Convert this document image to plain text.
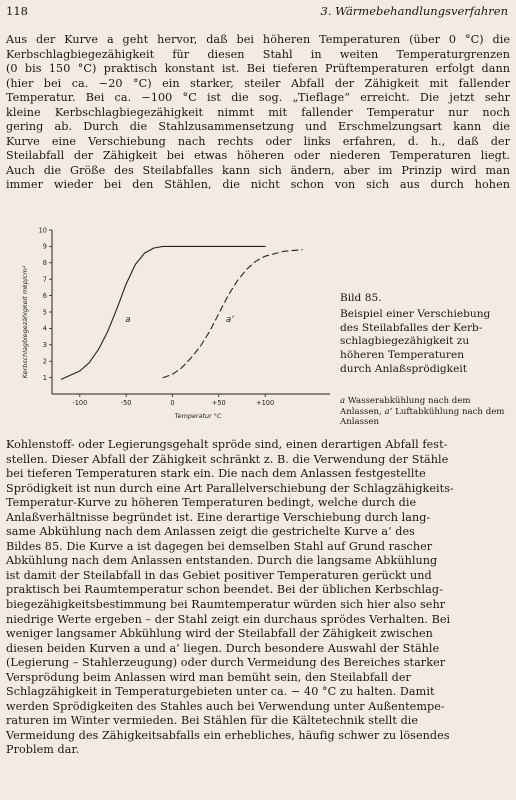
118	3. Wärmebehandlungsverfahren
Aus der Kurve a geht hervor, daß bei höheren Temperaturen (über 0 °C) die
Kerbschlagbiegezähigkeit für diesen Stahl in weiten Temperaturgrenzen
(0 bis 150 °C) praktisch konstant ist. Bei tieferen Prüftemperaturen erfolgt dann
(hier bei ca. −20 °C) ein starker, steiler Abfall der Zähigkeit mit fallender
Temperatur. Bei ca. −100 °C ist die sog. „Tieflage“ erreicht. Die jetzt sehr
kleine Kerbschlagbiegezähigkeit nimmt mit fallender Temperatur nur noch
gering ab. Durch die Stahlzusammensetzung und Erschmelzungsart kann die
Kurve eine Verschiebung nach rechts oder links erfahren, d. h., daß der
Steilabfall der Zähigkeit bei etwas höheren oder niederen Temperaturen liegt.
Auch die Größe des Steilabfalles kann sich ändern, aber im Prinzip wird man
immer wieder bei den Stählen, die nicht schon von sich aus durch hohen
1
2
3
4
5
6
7
8
9
10
-100	-50	0	+50	+100
a	a’
Kerbschlagbiegezähigkeit mkp/cm²
Temperatur °C
Bild 85.
Beispiel einer Verschiebung
des Steilabfalles der Kerb-
schlagbiegezähigkeit zu
höheren Temperaturen
durch Anlaßsprödigkeit
a Wasserabkühlung nach dem Anlassen, a’ Luftabkühlung nach dem Anlassen
Kohlenstoff- oder Legierungsgehalt spröde sind, einen derartigen Abfall fest-
stellen. Dieser Abfall der Zähigkeit schränkt z. B. die Verwendung der Stähle
bei tieferen Temperaturen stark ein. Die nach dem Anlassen festgestellte
Sprödigkeit ist nun durch eine Art Parallelverschiebung der Schlagzähigkeits-
Temperatur-Kurve zu höheren Temperaturen bedingt, welche durch die
Anlaßverhältnisse begründet ist. Eine derartige Verschiebung durch lang-
same Abkühlung nach dem Anlassen zeigt die gestrichelte Kurve a’ des
Bildes 85. Die Kurve a ist dagegen bei demselben Stahl auf Grund rascher
Abkühlung nach dem Anlassen entstanden. Durch die langsame Abkühlung
ist damit der Steilabfall in das Gebiet positiver Temperaturen gerückt und
praktisch bei Raumtemperatur schon beendet. Bei der üblichen Kerbschlag-
biegezähigkeitsbestimmung bei Raumtemperatur würden sich hier also sehr
niedrige Werte ergeben – der Stahl zeigt ein durchaus sprödes Verhalten. Bei
weniger langsamer Abkühlung wird der Steilabfall der Zähigkeit zwischen
diesen beiden Kurven a und a’ liegen. Durch besondere Auswahl der Stähle
(Legierung – Stahlerzeugung) oder durch Vermeidung des Bereiches starker
Versprödung beim Anlassen wird man bemüht sein, den Steilabfall der
Schlagzähigkeit in Temperaturgebieten unter ca. − 40 °C zu halten. Damit
werden Sprödigkeiten des Stahles auch bei Verwendung unter Außentempe-
raturen im Winter vermieden. Bei Stählen für die Kältetechnik stellt die
Vermeidung des Zähigkeitsabfalls ein erhebliches, häufig schwer zu lösendes
Problem dar.
